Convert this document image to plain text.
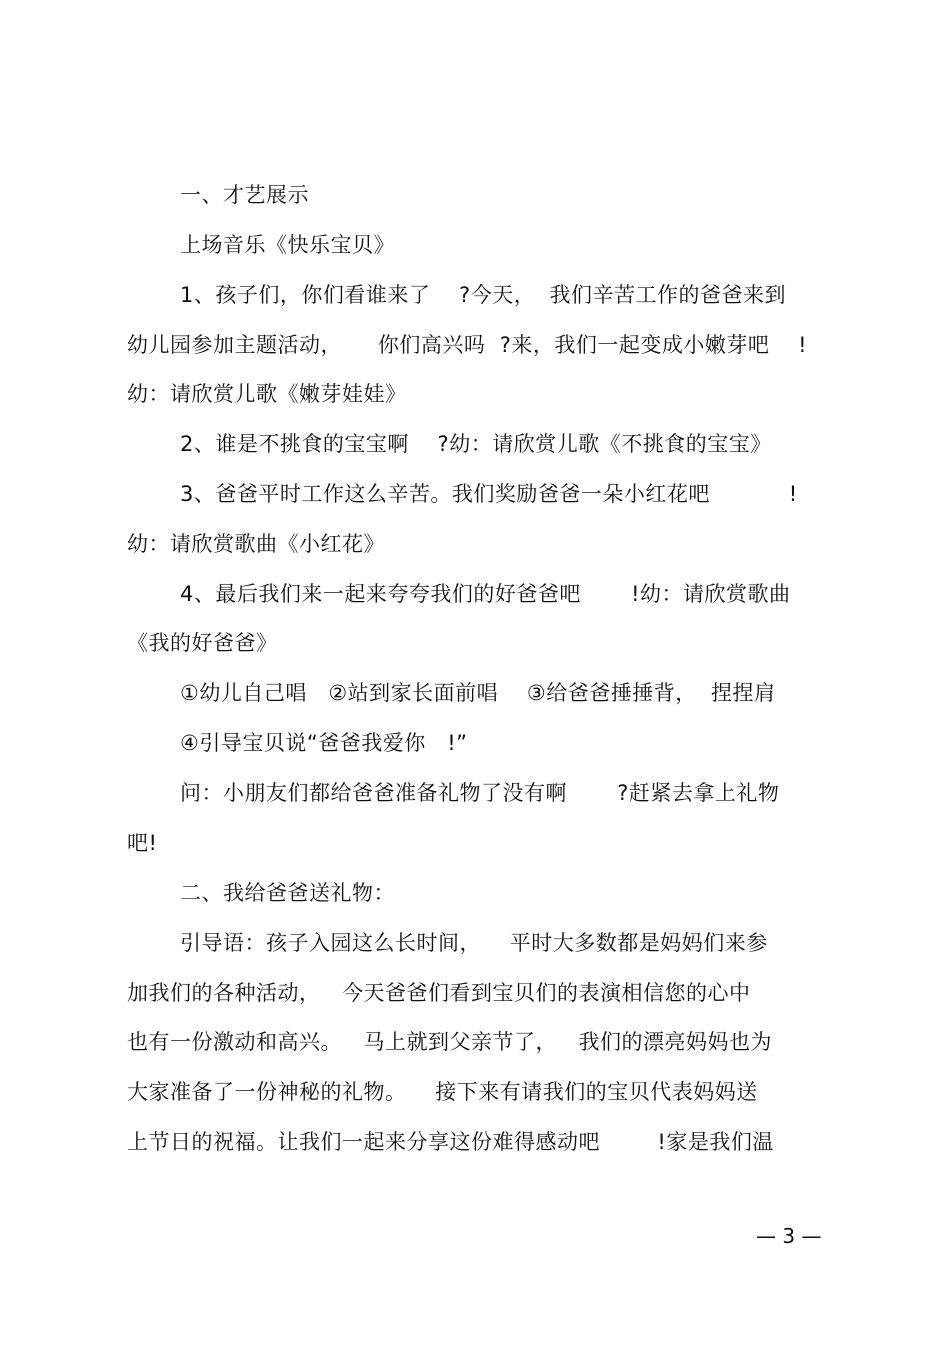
一、才艺展示
上场音乐《快乐宝贝》
1、孩子们，你们看谁来了    ?今天，  我们辛苦工作的爸爸来到
幼儿园参加主题活动，     你们高兴吗  ?来，我们一起变成小嫩芽吧    !
幼：请欣赏儿歌《嫩芽娃娃》
2、谁是不挑食的宝宝啊    ?幼：请欣赏儿歌《不挑食的宝宝》
3、爸爸平时工作这么辛苦。我们奖励爸爸一朵小红花吧           !
幼：请欣赏歌曲《小红花》
4、最后我们来一起来夸夸我们的好爸爸吧       !幼：请欣赏歌曲
《我的好爸爸》
①幼儿自己唱   ②站到家长面前唱    ③给爸爸捶捶背，  捏捏肩
④引导宝贝说“爸爸我爱你   !”
问：小朋友们都给爸爸准备礼物了没有啊       ?赶紧去拿上礼物
吧!
二、我给爸爸送礼物：
引导语：孩子入园这么长时间，    平时大多数都是妈妈们来参
加我们的各种活动，   今天爸爸们看到宝贝们的表演相信您的心中
也有一份激动和高兴。   马上就到父亲节了，   我们的漂亮妈妈也为
大家准备了一份神秘的礼物。    接下来有请我们的宝贝代表妈妈送
上节日的祝福。让我们一起来分享这份难得感动吧        !家是我们温
— 3 —
